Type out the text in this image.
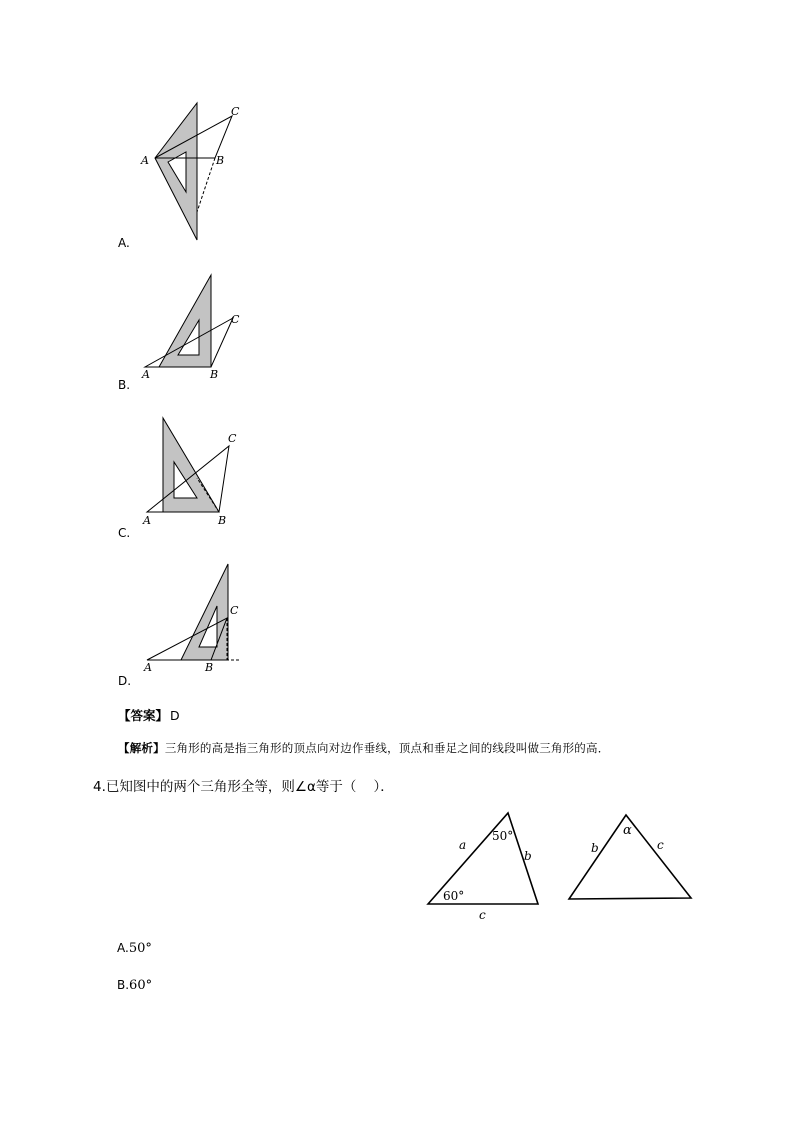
A	B
C
A.
A	B
C
B.
A	B
C
C.
A	B
C
D.
【答案】 D
【解析】三角形的高是指三角形的顶点向对边作垂线，顶点和垂足之间的线段叫做三角形的高．
4.已知图中的两个三角形全等，则∠α等于（    ）．
a
b
c
50°
60°
b	c
α
A.50°
B.60°
